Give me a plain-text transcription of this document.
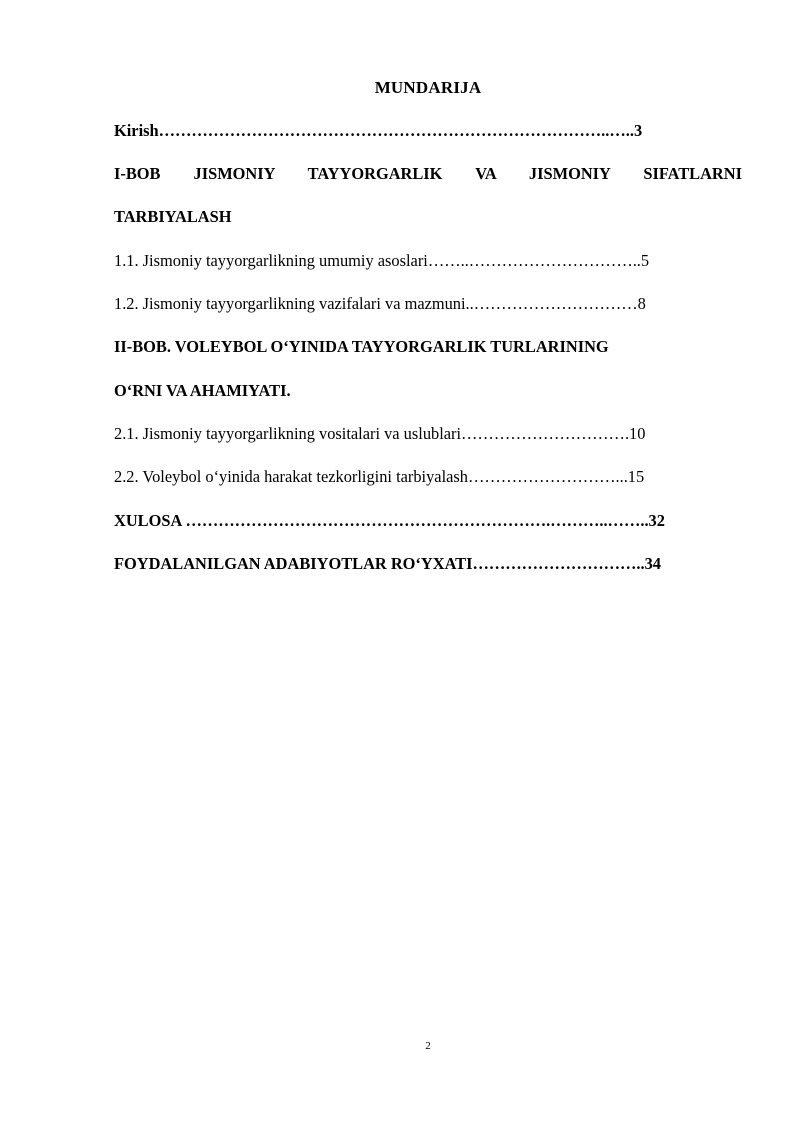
MUNDARIJA
Kirish………………………………………………………………………..…..3
I-BOB JISMONIY TAYYORGARLIK VA JISMONIY SIFATLARNI
TARBIYALASH
1.1. Jismoniy tayyorgarlikning umumiy asoslari……..…………………………..5
1.2. Jismoniy tayyorgarlikning vazifalari va mazmuni..…………………………8
II-BOB. VOLEYBOL O‘YINIDA TAYYORGARLIK TURLARINING
O‘RNI VA AHAMIYATI.
2.1. Jismoniy tayyorgarlikning vositalari va uslublari………………………….10
2.2. Voleybol o‘yinida harakat tezkorligini tarbiyalash………………………...15
XULOSA ………………………………………………………….………..……..32
FOYDALANILGAN ADABIYOTLAR RO‘YXATI…………………………..34
2
